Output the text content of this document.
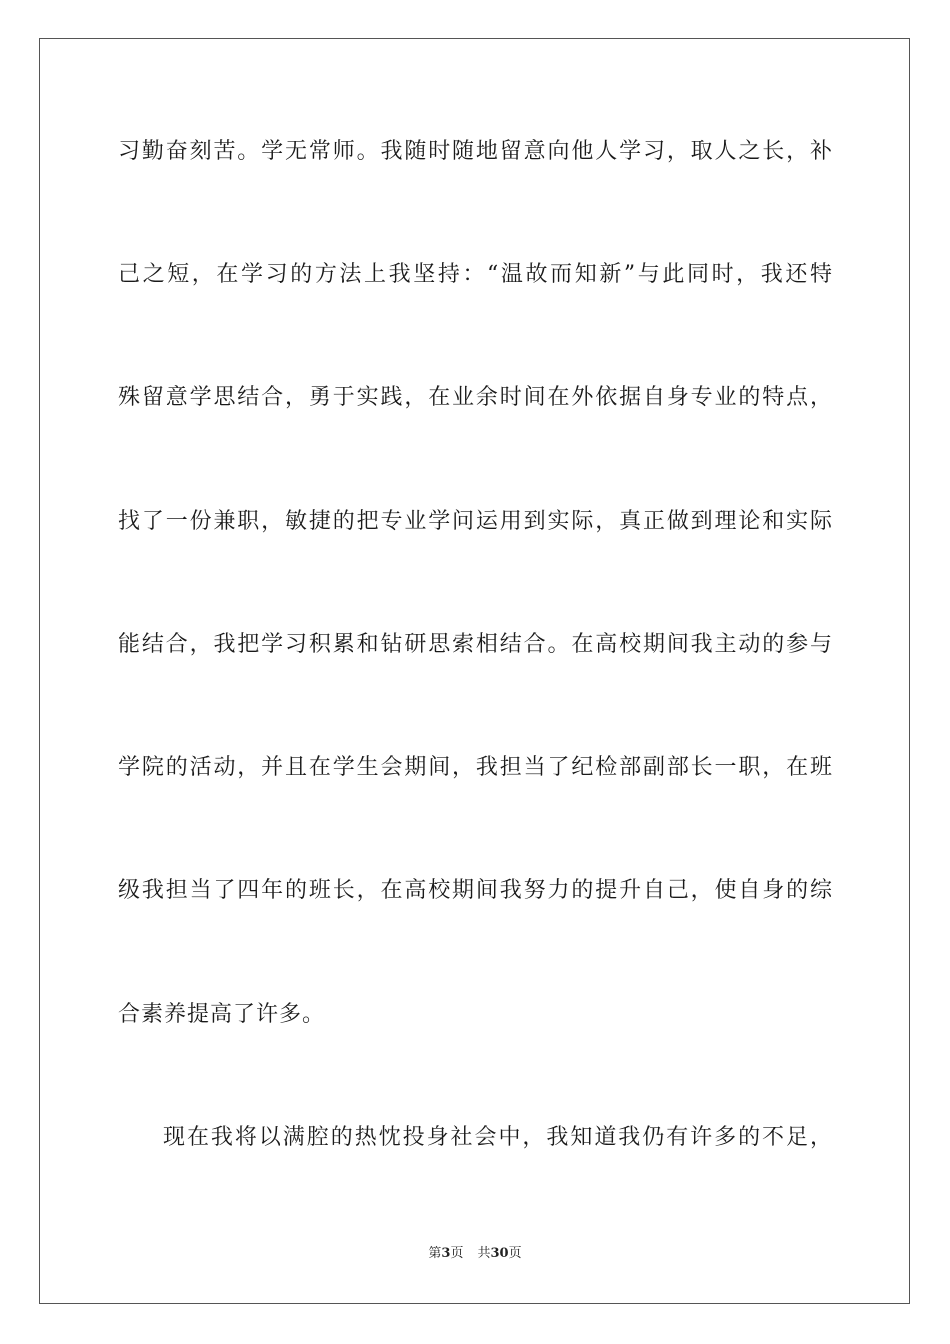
习勤奋刻苦。学无常师。我随时随地留意向他人学习，取人之长，补
己之短，在学习的方法上我坚持：“温故而知新”与此同时，我还特
殊留意学思结合，勇于实践，在业余时间在外依据自身专业的特点，
找了一份兼职，敏捷的把专业学问运用到实际，真正做到理论和实际
能结合，我把学习积累和钻研思索相结合。在高校期间我主动的参与
学院的活动，并且在学生会期间，我担当了纪检部副部长一职，在班
级我担当了四年的班长，在高校期间我努力的提升自己，使自身的综
合素养提高了许多。
现在我将以满腔的热忱投身社会中，我知道我仍有许多的不足，
第3页 共30页
